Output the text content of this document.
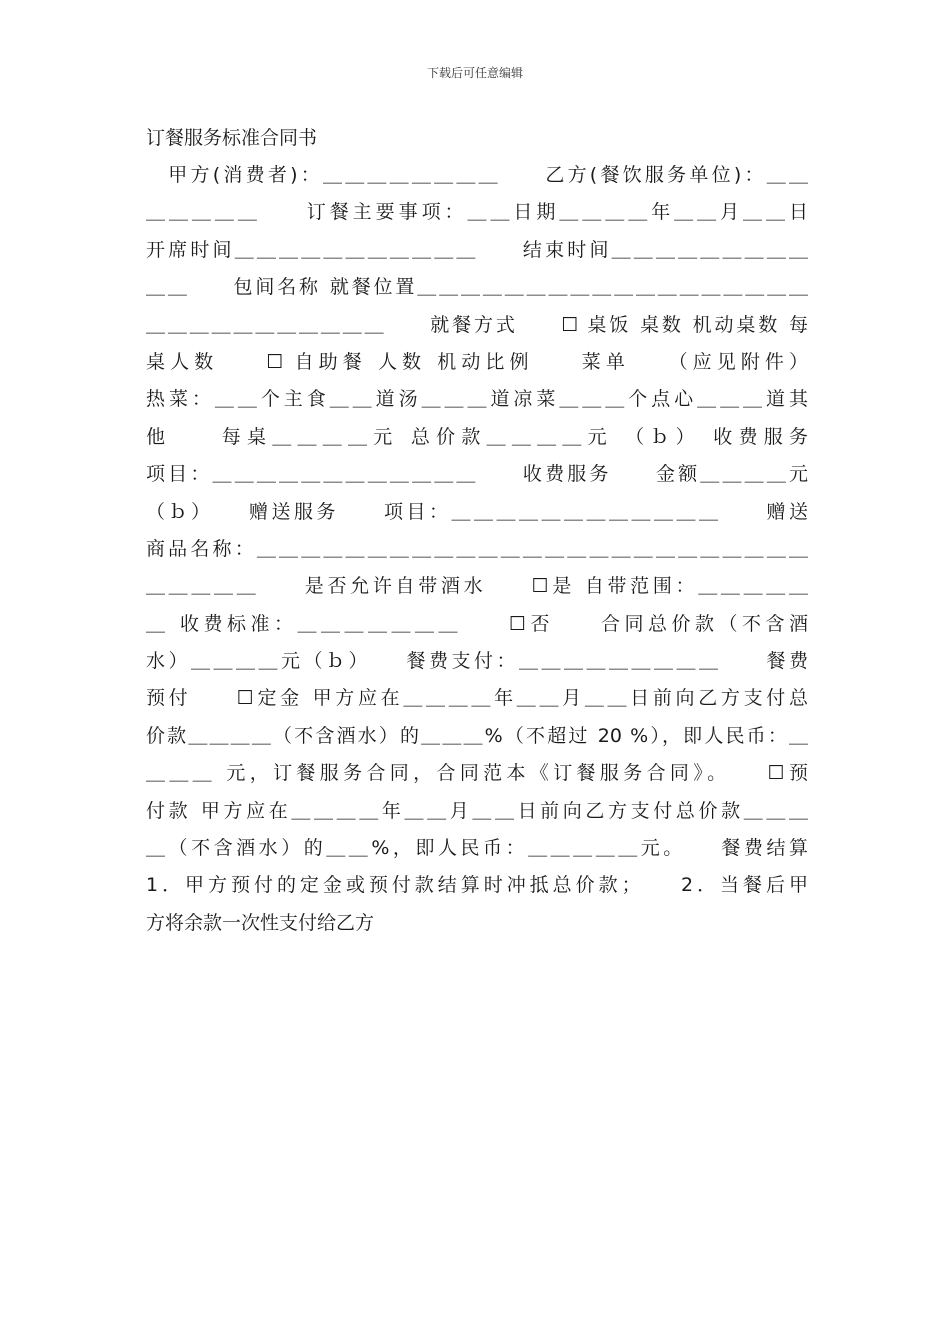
下载后可任意编辑
订餐服务标准合同书
　甲方(消费者)：＿＿＿＿＿＿＿＿　　乙方(餐饮服务单位)：＿＿
＿＿＿＿＿　　订餐主要事项：＿＿日期＿＿＿＿年＿＿月＿＿日
开席时间＿＿＿＿＿＿＿＿＿＿＿　　结束时间＿＿＿＿＿＿＿＿＿
＿＿　　包间名称 就餐位置＿＿＿＿＿＿＿＿＿＿＿＿＿＿＿＿＿＿
＿＿＿＿＿＿＿＿＿＿＿　　就餐方式　　☐ 桌饭 桌数 机动桌数 每
桌人数　　☐ 自助餐 人数 机动比例　　菜单　　（应见附件）
热菜：＿＿个主食＿＿道汤＿＿＿道凉菜＿＿＿个点心＿＿＿道其
他　　每桌＿＿＿＿元 总价款＿＿＿＿元 （ｂ） 收费服务
项目：＿＿＿＿＿＿＿＿＿＿＿＿　　收费服务　　金额＿＿＿＿元
（ｂ）　　赠送服务　　项目：＿＿＿＿＿＿＿＿＿＿＿＿　　赠送
商品名称：＿＿＿＿＿＿＿＿＿＿＿＿＿＿＿＿＿＿＿＿＿＿＿＿＿
＿＿＿＿＿　　是否允许自带酒水　　☐是 自带范围：＿＿＿＿＿
＿ 收费标准：＿＿＿＿＿＿＿　　☐否　　合同总价款（不含酒
水）＿＿＿＿元（ｂ）　　餐费支付：＿＿＿＿＿＿＿＿＿　　餐费
预付　　☐定金 甲方应在＿＿＿＿年＿＿月＿＿日前向乙方支付总
价款＿＿＿＿（不含酒水）的＿＿＿%（不超过 20 %），即人民币：＿
＿＿＿ 元，订餐服务合同，合同范本《订餐服务合同》。　　☐预
付款 甲方应在＿＿＿＿年＿＿月＿＿日前向乙方支付总价款＿＿＿
＿（不含酒水）的＿＿%，即人民币：＿＿＿＿＿元。　　餐费结算
1．甲方预付的定金或预付款结算时冲抵总价款；　　2．当餐后甲
方将余款一次性支付给乙方
